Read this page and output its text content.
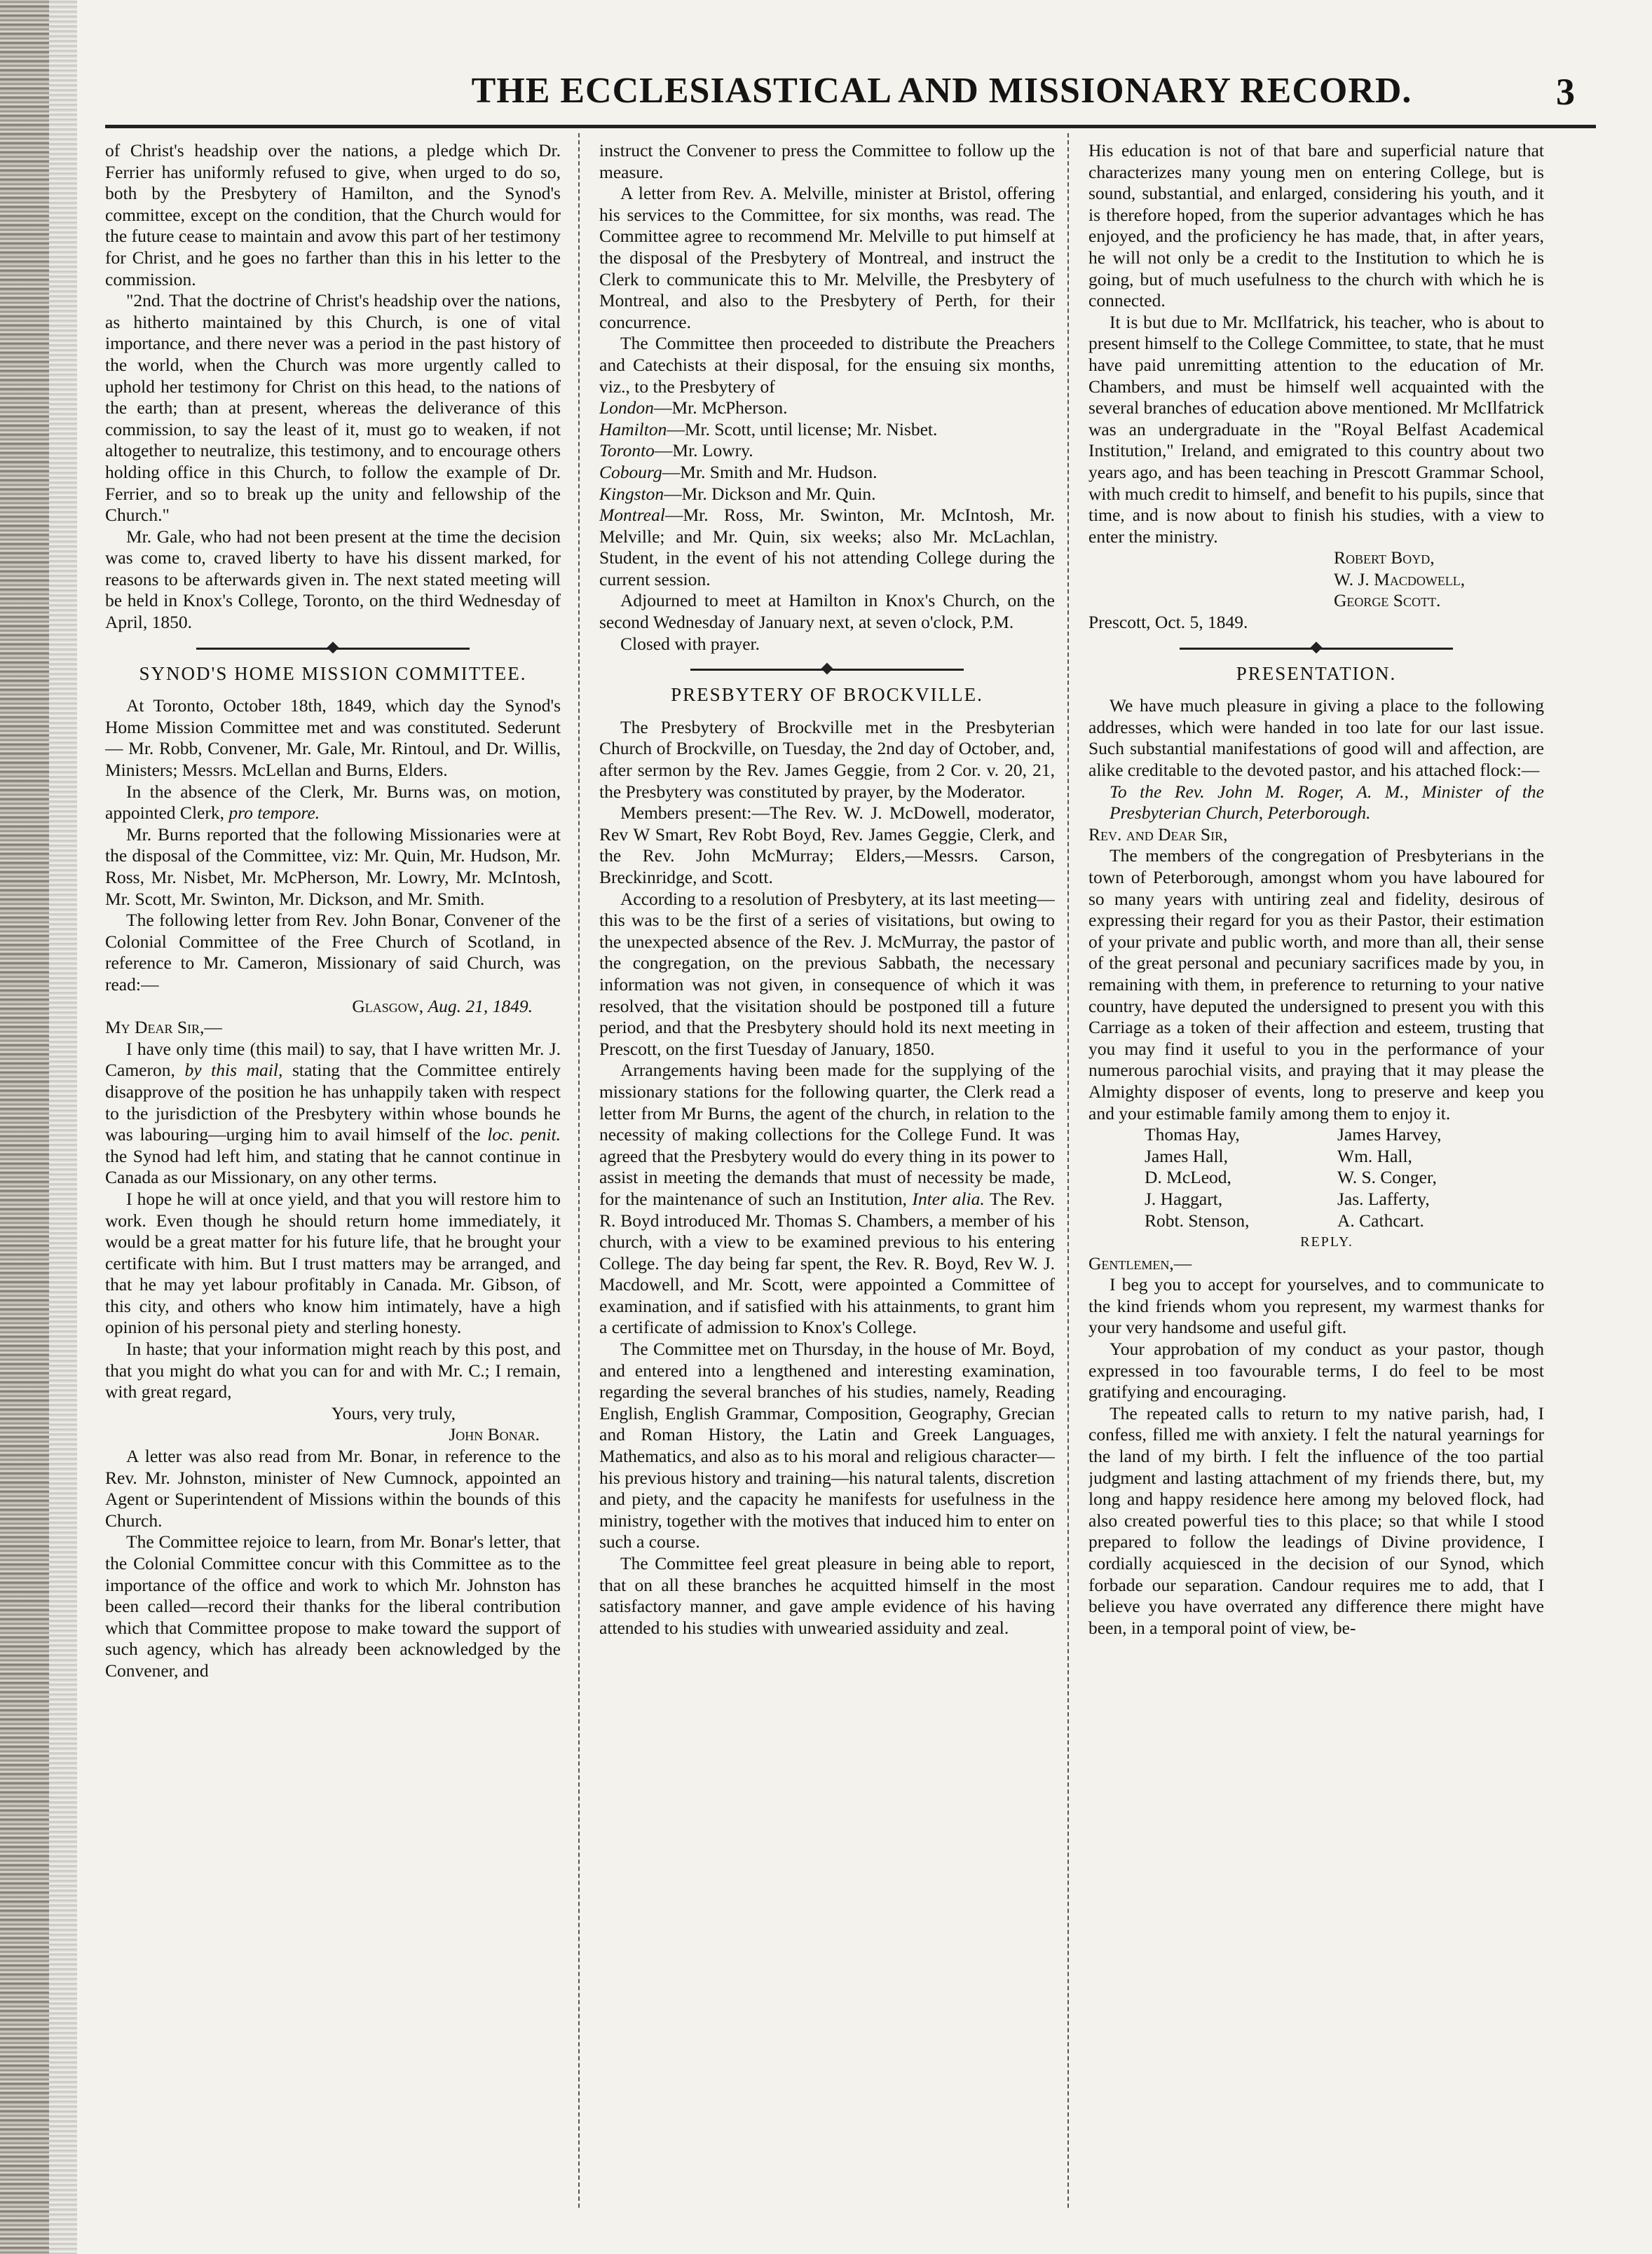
THE ECCLESIASTICAL AND MISSIONARY RECORD.	3

of Christ's headship over the nations, a pledge which Dr. Ferrier has uniformly refused to give, when urged to do so, both by the Presbytery of Hamilton, and the Synod's committee, except on the condition, that the Church would for the future cease to maintain and avow this part of her testimony for Christ, and he goes no farther than this in his letter to the commission.

"2nd. That the doctrine of Christ's headship over the nations, as hitherto maintained by this Church, is one of vital importance, and there never was a period in the past history of the world, when the Church was more urgently called to uphold her testimony for Christ on this head, to the nations of the earth; than at present, whereas the deliverance of this commission, to say the least of it, must go to weaken, if not altogether to neutralize, this testimony, and to encourage others holding office in this Church, to follow the example of Dr. Ferrier, and so to break up the unity and fellowship of the Church."

Mr. Gale, who had not been present at the time the decision was come to, craved liberty to have his dissent marked, for reasons to be afterwards given in. The next stated meeting will be held in Knox's College, Toronto, on the third Wednesday of April, 1850.

SYNOD'S HOME MISSION COMMITTEE.

At Toronto, October 18th, 1849, which day the Synod's Home Mission Committee met and was constituted. Sederunt — Mr. Robb, Convener, Mr. Gale, Mr. Rintoul, and Dr. Willis, Ministers; Messrs. McLellan and Burns, Elders.

In the absence of the Clerk, Mr. Burns was, on motion, appointed Clerk, pro tempore.

Mr. Burns reported that the following Missionaries were at the disposal of the Committee, viz: Mr. Quin, Mr. Hudson, Mr. Ross, Mr. Nisbet, Mr. McPherson, Mr. Lowry, Mr. McIntosh, Mr. Scott, Mr. Swinton, Mr. Dickson, and Mr. Smith.

The following letter from Rev. John Bonar, Convener of the Colonial Committee of the Free Church of Scotland, in reference to Mr. Cameron, Missionary of said Church, was read:—

Glasgow, Aug. 21, 1849.

My Dear Sir,—

I have only time (this mail) to say, that I have written Mr. J. Cameron, by this mail, stating that the Committee entirely disapprove of the position he has unhappily taken with respect to the jurisdiction of the Presbytery within whose bounds he was labouring—urging him to avail himself of the loc. penit. the Synod had left him, and stating that he cannot continue in Canada as our Missionary, on any other terms.

I hope he will at once yield, and that you will restore him to work. Even though he should return home immediately, it would be a great matter for his future life, that he brought your certificate with him. But I trust matters may be arranged, and that he may yet labour profitably in Canada. Mr. Gibson, of this city, and others who know him intimately, have a high opinion of his personal piety and sterling honesty.

In haste; that your information might reach by this post, and that you might do what you can for and with Mr. C.; I remain, with great regard,

Yours, very truly,

John Bonar.

A letter was also read from Mr. Bonar, in reference to the Rev. Mr. Johnston, minister of New Cumnock, appointed an Agent or Superintendent of Missions within the bounds of this Church.

The Committee rejoice to learn, from Mr. Bonar's letter, that the Colonial Committee concur with this Committee as to the importance of the office and work to which Mr. Johnston has been called—record their thanks for the liberal contribution which that Committee propose to make toward the support of such agency, which has already been acknowledged by the Convener, and

instruct the Convener to press the Committee to follow up the measure.

A letter from Rev. A. Melville, minister at Bristol, offering his services to the Committee, for six months, was read. The Committee agree to recommend Mr. Melville to put himself at the disposal of the Presbytery of Montreal, and instruct the Clerk to communicate this to Mr. Melville, the Presbytery of Montreal, and also to the Presbytery of Perth, for their concurrence.

The Committee then proceeded to distribute the Preachers and Catechists at their disposal, for the ensuing six months, viz., to the Presbytery of

London—Mr. McPherson.

Hamilton—Mr. Scott, until license; Mr. Nisbet.

Toronto—Mr. Lowry.

Cobourg—Mr. Smith and Mr. Hudson.

Kingston—Mr. Dickson and Mr. Quin.

Montreal—Mr. Ross, Mr. Swinton, Mr. McIntosh, Mr. Melville; and Mr. Quin, six weeks; also Mr. McLachlan, Student, in the event of his not attending College during the current session.

Adjourned to meet at Hamilton in Knox's Church, on the second Wednesday of January next, at seven o'clock, P.M.

Closed with prayer.

PRESBYTERY OF BROCKVILLE.

The Presbytery of Brockville met in the Presbyterian Church of Brockville, on Tuesday, the 2nd day of October, and, after sermon by the Rev. James Geggie, from 2 Cor. v. 20, 21, the Presbytery was constituted by prayer, by the Moderator.

Members present:—The Rev. W. J. McDowell, moderator, Rev W Smart, Rev Robt Boyd, Rev. James Geggie, Clerk, and the Rev. John McMurray; Elders,—Messrs. Carson, Breckinridge, and Scott.

According to a resolution of Presbytery, at its last meeting—this was to be the first of a series of visitations, but owing to the unexpected absence of the Rev. J. McMurray, the pastor of the congregation, on the previous Sabbath, the necessary information was not given, in consequence of which it was resolved, that the visitation should be postponed till a future period, and that the Presbytery should hold its next meeting in Prescott, on the first Tuesday of January, 1850.

Arrangements having been made for the supplying of the missionary stations for the following quarter, the Clerk read a letter from Mr Burns, the agent of the church, in relation to the necessity of making collections for the College Fund. It was agreed that the Presbytery would do every thing in its power to assist in meeting the demands that must of necessity be made, for the maintenance of such an Institution, Inter alia. The Rev. R. Boyd introduced Mr. Thomas S. Chambers, a member of his church, with a view to be examined previous to his entering College. The day being far spent, the Rev. R. Boyd, Rev W. J. Macdowell, and Mr. Scott, were appointed a Committee of examination, and if satisfied with his attainments, to grant him a certificate of admission to Knox's College.

The Committee met on Thursday, in the house of Mr. Boyd, and entered into a lengthened and interesting examination, regarding the several branches of his studies, namely, Reading English, English Grammar, Composition, Geography, Grecian and Roman History, the Latin and Greek Languages, Mathematics, and also as to his moral and religious character—his previous history and training—his natural talents, discretion and piety, and the capacity he manifests for usefulness in the ministry, together with the motives that induced him to enter on such a course.

The Committee feel great pleasure in being able to report, that on all these branches he acquitted himself in the most satisfactory manner, and gave ample evidence of his having attended to his studies with unwearied assiduity and zeal.

His education is not of that bare and superficial nature that characterizes many young men on entering College, but is sound, substantial, and enlarged, considering his youth, and it is therefore hoped, from the superior advantages which he has enjoyed, and the proficiency he has made, that, in after years, he will not only be a credit to the Institution to which he is going, but of much usefulness to the church with which he is connected.

It is but due to Mr. McIlfatrick, his teacher, who is about to present himself to the College Committee, to state, that he must have paid unremitting attention to the education of Mr. Chambers, and must be himself well acquainted with the several branches of education above mentioned. Mr McIlfatrick was an undergraduate in the "Royal Belfast Academical Institution," Ireland, and emigrated to this country about two years ago, and has been teaching in Prescott Grammar School, with much credit to himself, and benefit to his pupils, since that time, and is now about to finish his studies, with a view to enter the ministry.

Robert Boyd,

W. J. Macdowell,

George Scott.

Prescott, Oct. 5, 1849.

PRESENTATION.

We have much pleasure in giving a place to the following addresses, which were handed in too late for our last issue. Such substantial manifestations of good will and affection, are alike creditable to the devoted pastor, and his attached flock:—

To the Rev. John M. Roger, A. M., Minister of the Presbyterian Church, Peterborough.

Rev. and Dear Sir,

The members of the congregation of Presbyterians in the town of Peterborough, amongst whom you have laboured for so many years with untiring zeal and fidelity, desirous of expressing their regard for you as their Pastor, their estimation of your private and public worth, and more than all, their sense of the great personal and pecuniary sacrifices made by you, in remaining with them, in preference to returning to your native country, have deputed the undersigned to present you with this Carriage as a token of their affection and esteem, trusting that you may find it useful to you in the performance of your numerous parochial visits, and praying that it may please the Almighty disposer of events, long to preserve and keep you and your estimable family among them to enjoy it.

Thomas Hay,	James Harvey,
James Hall,	Wm. Hall,
D. McLeod,	W. S. Conger,
J. Haggart,	Jas. Lafferty,
Robt. Stenson,	A. Cathcart.

REPLY.

Gentlemen,—

I beg you to accept for yourselves, and to communicate to the kind friends whom you represent, my warmest thanks for your very handsome and useful gift.

Your approbation of my conduct as your pastor, though expressed in too favourable terms, I do feel to be most gratifying and encouraging.

The repeated calls to return to my native parish, had, I confess, filled me with anxiety. I felt the natural yearnings for the land of my birth. I felt the influence of the too partial judgment and lasting attachment of my friends there, but, my long and happy residence here among my beloved flock, had also created powerful ties to this place; so that while I stood prepared to follow the leadings of Divine providence, I cordially acquiesced in the decision of our Synod, which forbade our separation. Candour requires me to add, that I believe you have overrated any difference there might have been, in a temporal point of view, be-
